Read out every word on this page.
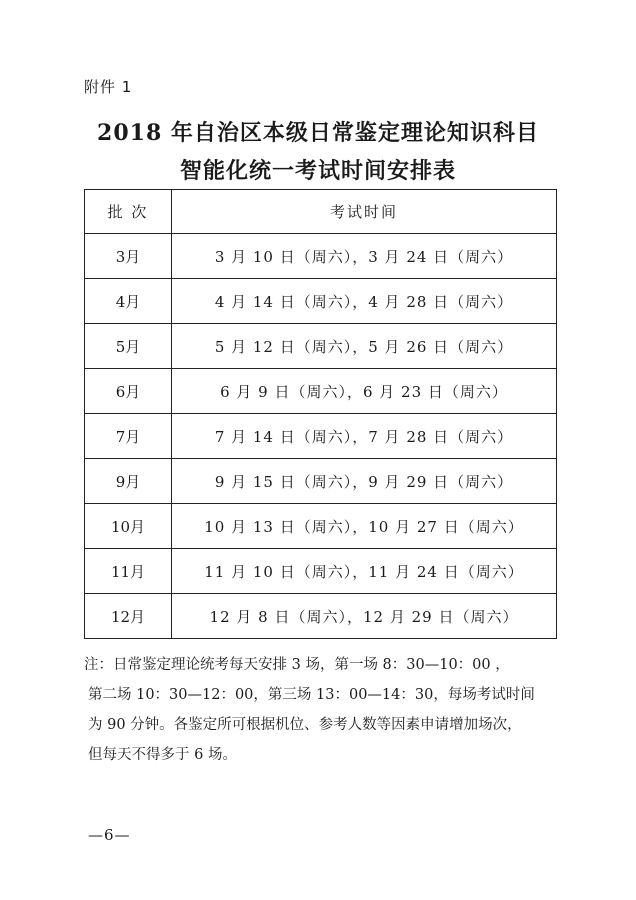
附件 1
2018 年自治区本级日常鉴定理论知识科目
智能化统一考试时间安排表
批 次	考试时间
3月	3 月 10 日（周六），3 月 24 日（周六）
4月	4 月 14 日（周六），4 月 28 日（周六）
5月	5 月 12 日（周六），5 月 26 日（周六）
6月	6 月 9 日（周六），6 月 23 日（周六）
7月	7 月 14 日（周六），7 月 28 日（周六）
9月	9 月 15 日（周六），9 月 29 日（周六）
10月	10 月 13 日（周六），10 月 27 日（周六）
11月	11 月 10 日（周六），11 月 24 日（周六）
12月	12 月 8 日（周六），12 月 29 日（周六）

注：日常鉴定理论统考每天安排 3 场，第一场 8：30—10：00 ，

第二场 10：30—12：00，第三场 13：00—14：30，每场考试时间

为 90 分钟。各鉴定所可根据机位、参考人数等因素申请增加场次，

但每天不得多于 6 场。

—6—
